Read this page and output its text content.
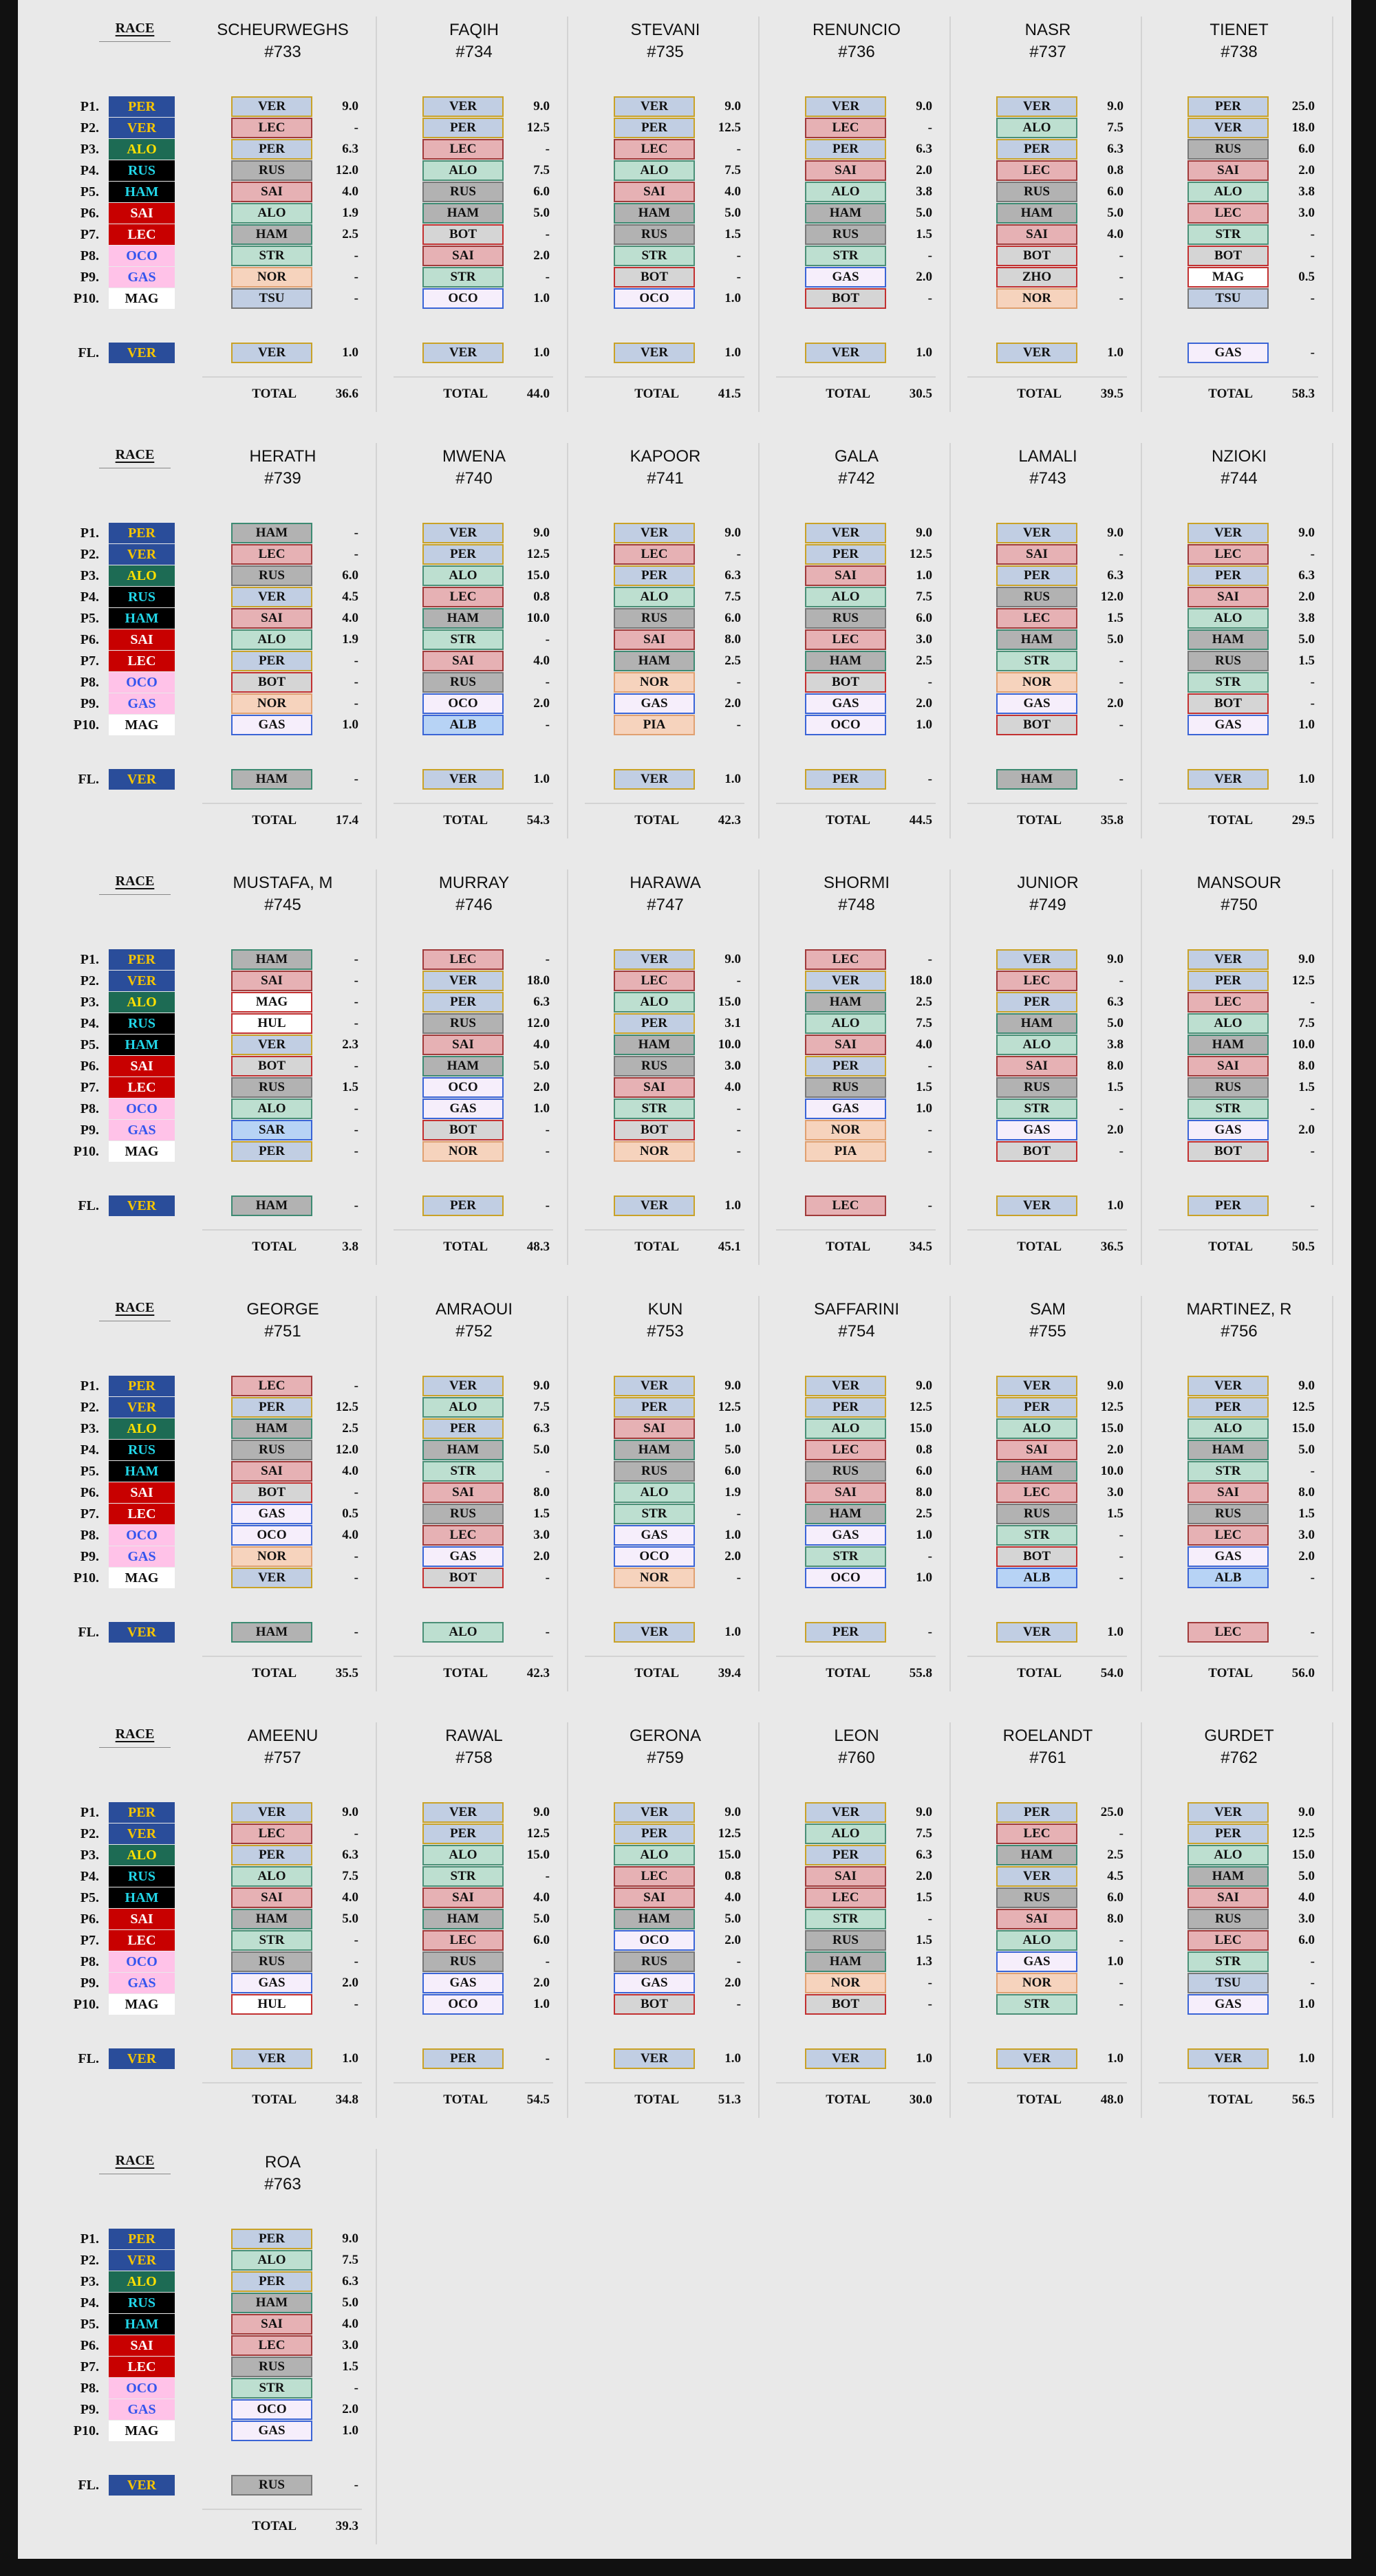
RACE
P1.	PER
P2.	VER
P3.	ALO
P4.	RUS
P5.	HAM
P6.	SAI
P7.	LEC
P8.	OCO
P9.	GAS
P10.	MAG
FL.	VER
SCHEURWEGHS
#733
VER	9.0
LEC	-
PER	6.3
RUS	12.0
SAI	4.0
ALO	1.9
HAM	2.5
STR	-
NOR	-
TSU	-
VER	1.0
TOTAL	36.6
FAQIH
#734
VER	9.0
PER	12.5
LEC	-
ALO	7.5
RUS	6.0
HAM	5.0
BOT	-
SAI	2.0
STR	-
OCO	1.0
VER	1.0
TOTAL	44.0
STEVANI
#735
VER	9.0
PER	12.5
LEC	-
ALO	7.5
SAI	4.0
HAM	5.0
RUS	1.5
STR	-
BOT	-
OCO	1.0
VER	1.0
TOTAL	41.5
RENUNCIO
#736
VER	9.0
LEC	-
PER	6.3
SAI	2.0
ALO	3.8
HAM	5.0
RUS	1.5
STR	-
GAS	2.0
BOT	-
VER	1.0
TOTAL	30.5
NASR
#737
VER	9.0
ALO	7.5
PER	6.3
LEC	0.8
RUS	6.0
HAM	5.0
SAI	4.0
BOT	-
ZHO	-
NOR	-
VER	1.0
TOTAL	39.5
TIENET
#738
PER	25.0
VER	18.0
RUS	6.0
SAI	2.0
ALO	3.8
LEC	3.0
STR	-
BOT	-
MAG	0.5
TSU	-
GAS	-
TOTAL	58.3
RACE
P1.	PER
P2.	VER
P3.	ALO
P4.	RUS
P5.	HAM
P6.	SAI
P7.	LEC
P8.	OCO
P9.	GAS
P10.	MAG
FL.	VER
HERATH
#739
HAM	-
LEC	-
RUS	6.0
VER	4.5
SAI	4.0
ALO	1.9
PER	-
BOT	-
NOR	-
GAS	1.0
HAM	-
TOTAL	17.4
MWENA
#740
VER	9.0
PER	12.5
ALO	15.0
LEC	0.8
HAM	10.0
STR	-
SAI	4.0
RUS	-
OCO	2.0
ALB	-
VER	1.0
TOTAL	54.3
KAPOOR
#741
VER	9.0
LEC	-
PER	6.3
ALO	7.5
RUS	6.0
SAI	8.0
HAM	2.5
NOR	-
GAS	2.0
PIA	-
VER	1.0
TOTAL	42.3
GALA
#742
VER	9.0
PER	12.5
SAI	1.0
ALO	7.5
RUS	6.0
LEC	3.0
HAM	2.5
BOT	-
GAS	2.0
OCO	1.0
PER	-
TOTAL	44.5
LAMALI
#743
VER	9.0
SAI	-
PER	6.3
RUS	12.0
LEC	1.5
HAM	5.0
STR	-
NOR	-
GAS	2.0
BOT	-
HAM	-
TOTAL	35.8
NZIOKI
#744
VER	9.0
LEC	-
PER	6.3
SAI	2.0
ALO	3.8
HAM	5.0
RUS	1.5
STR	-
BOT	-
GAS	1.0
VER	1.0
TOTAL	29.5
RACE
P1.	PER
P2.	VER
P3.	ALO
P4.	RUS
P5.	HAM
P6.	SAI
P7.	LEC
P8.	OCO
P9.	GAS
P10.	MAG
FL.	VER
MUSTAFA, M
#745
HAM	-
SAI	-
MAG	-
HUL	-
VER	2.3
BOT	-
RUS	1.5
ALO	-
SAR	-
PER	-
HAM	-
TOTAL	3.8
MURRAY
#746
LEC	-
VER	18.0
PER	6.3
RUS	12.0
SAI	4.0
HAM	5.0
OCO	2.0
GAS	1.0
BOT	-
NOR	-
PER	-
TOTAL	48.3
HARAWA
#747
VER	9.0
LEC	-
ALO	15.0
PER	3.1
HAM	10.0
RUS	3.0
SAI	4.0
STR	-
BOT	-
NOR	-
VER	1.0
TOTAL	45.1
SHORMI
#748
LEC	-
VER	18.0
HAM	2.5
ALO	7.5
SAI	4.0
PER	-
RUS	1.5
GAS	1.0
NOR	-
PIA	-
LEC	-
TOTAL	34.5
JUNIOR
#749
VER	9.0
LEC	-
PER	6.3
HAM	5.0
ALO	3.8
SAI	8.0
RUS	1.5
STR	-
GAS	2.0
BOT	-
VER	1.0
TOTAL	36.5
MANSOUR
#750
VER	9.0
PER	12.5
LEC	-
ALO	7.5
HAM	10.0
SAI	8.0
RUS	1.5
STR	-
GAS	2.0
BOT	-
PER	-
TOTAL	50.5
RACE
P1.	PER
P2.	VER
P3.	ALO
P4.	RUS
P5.	HAM
P6.	SAI
P7.	LEC
P8.	OCO
P9.	GAS
P10.	MAG
FL.	VER
GEORGE
#751
LEC	-
PER	12.5
HAM	2.5
RUS	12.0
SAI	4.0
BOT	-
GAS	0.5
OCO	4.0
NOR	-
VER	-
HAM	-
TOTAL	35.5
AMRAOUI
#752
VER	9.0
ALO	7.5
PER	6.3
HAM	5.0
STR	-
SAI	8.0
RUS	1.5
LEC	3.0
GAS	2.0
BOT	-
ALO	-
TOTAL	42.3
KUN
#753
VER	9.0
PER	12.5
SAI	1.0
HAM	5.0
RUS	6.0
ALO	1.9
STR	-
GAS	1.0
OCO	2.0
NOR	-
VER	1.0
TOTAL	39.4
SAFFARINI
#754
VER	9.0
PER	12.5
ALO	15.0
LEC	0.8
RUS	6.0
SAI	8.0
HAM	2.5
GAS	1.0
STR	-
OCO	1.0
PER	-
TOTAL	55.8
SAM
#755
VER	9.0
PER	12.5
ALO	15.0
SAI	2.0
HAM	10.0
LEC	3.0
RUS	1.5
STR	-
BOT	-
ALB	-
VER	1.0
TOTAL	54.0
MARTINEZ, R
#756
VER	9.0
PER	12.5
ALO	15.0
HAM	5.0
STR	-
SAI	8.0
RUS	1.5
LEC	3.0
GAS	2.0
ALB	-
LEC	-
TOTAL	56.0
RACE
P1.	PER
P2.	VER
P3.	ALO
P4.	RUS
P5.	HAM
P6.	SAI
P7.	LEC
P8.	OCO
P9.	GAS
P10.	MAG
FL.	VER
AMEENU
#757
VER	9.0
LEC	-
PER	6.3
ALO	7.5
SAI	4.0
HAM	5.0
STR	-
RUS	-
GAS	2.0
HUL	-
VER	1.0
TOTAL	34.8
RAWAL
#758
VER	9.0
PER	12.5
ALO	15.0
STR	-
SAI	4.0
HAM	5.0
LEC	6.0
RUS	-
GAS	2.0
OCO	1.0
PER	-
TOTAL	54.5
GERONA
#759
VER	9.0
PER	12.5
ALO	15.0
LEC	0.8
SAI	4.0
HAM	5.0
OCO	2.0
RUS	-
GAS	2.0
BOT	-
VER	1.0
TOTAL	51.3
LEON
#760
VER	9.0
ALO	7.5
PER	6.3
SAI	2.0
LEC	1.5
STR	-
RUS	1.5
HAM	1.3
NOR	-
BOT	-
VER	1.0
TOTAL	30.0
ROELANDT
#761
PER	25.0
LEC	-
HAM	2.5
VER	4.5
RUS	6.0
SAI	8.0
ALO	-
GAS	1.0
NOR	-
STR	-
VER	1.0
TOTAL	48.0
GURDET
#762
VER	9.0
PER	12.5
ALO	15.0
HAM	5.0
SAI	4.0
RUS	3.0
LEC	6.0
STR	-
TSU	-
GAS	1.0
VER	1.0
TOTAL	56.5
RACE
P1.	PER
P2.	VER
P3.	ALO
P4.	RUS
P5.	HAM
P6.	SAI
P7.	LEC
P8.	OCO
P9.	GAS
P10.	MAG
FL.	VER
ROA
#763
PER	9.0
ALO	7.5
PER	6.3
HAM	5.0
SAI	4.0
LEC	3.0
RUS	1.5
STR	-
OCO	2.0
GAS	1.0
RUS	-
TOTAL	39.3
